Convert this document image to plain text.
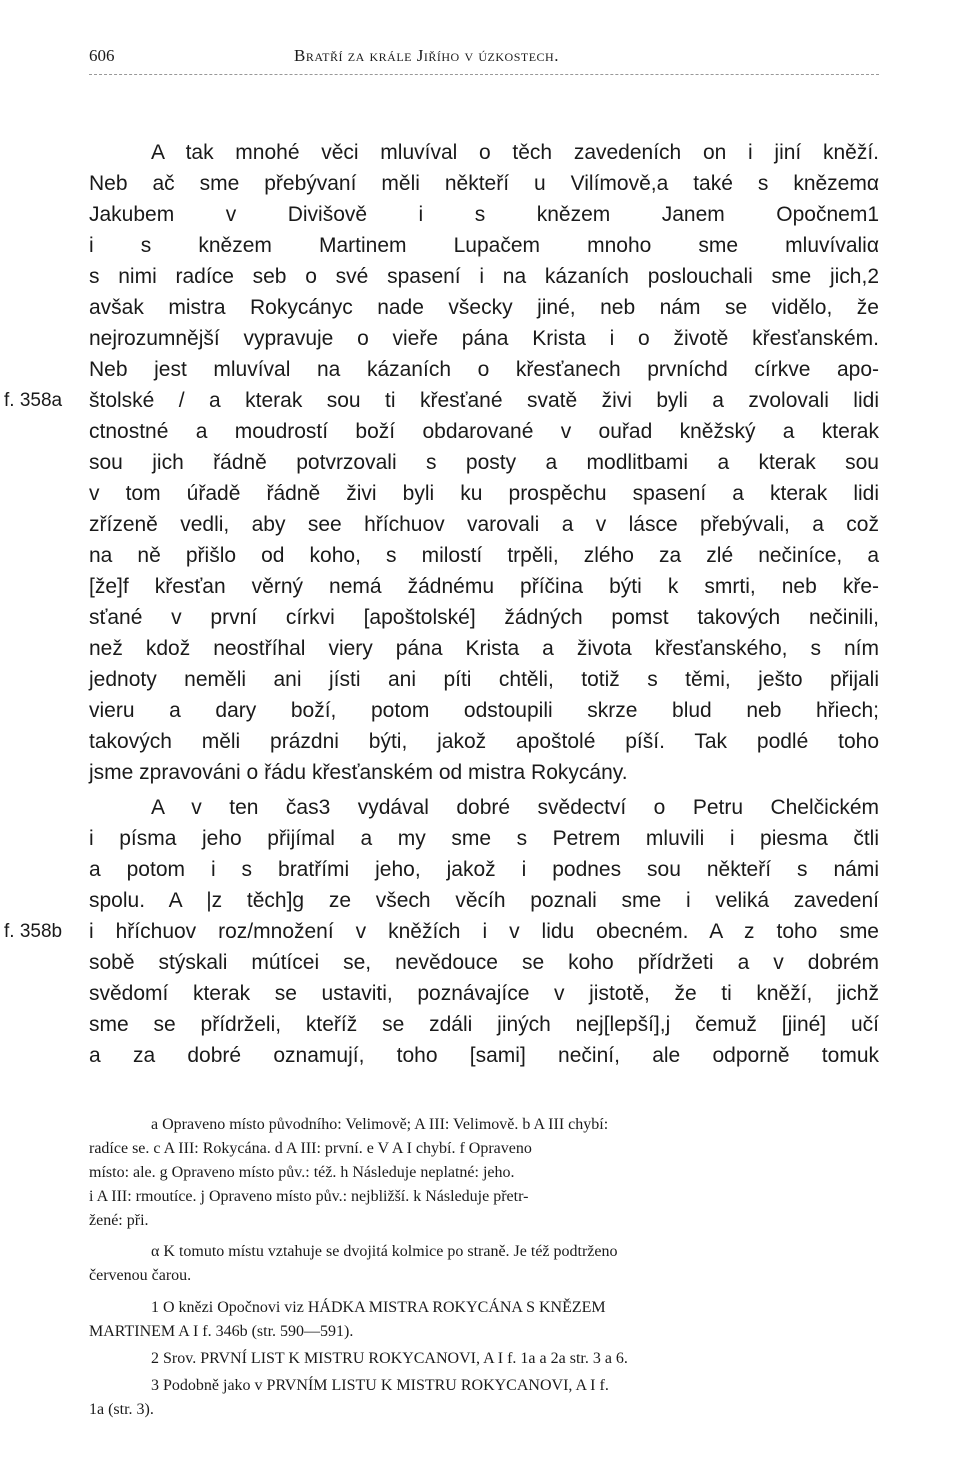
606	Bratří za krále Jiřího v úzkostech.
A tak mnohé věci mluvíval o těch zavedeních on i jiní kněží.
Neb ač sme přebývaní měli někteří u Vilímově,a také s knězemα
Jakubem v Divišově i s knězem Janem Opočnem1
i s knězem Martinem Lupačem mnoho sme mluvívaliα
s nimi radíce seb o své spasení i na kázaních poslouchali sme jich,2
avšak mistra Rokycányc nade všecky jiné, neb nám se vidělo, že
nejrozumnější vypravuje o vieře pána Krista i o životě křesťanském.
Neb jest mluvíval na kázaních o křesťanech prvníchd církve apo-
f. 358a štolské / a kterak sou ti křesťané svatě živi byli a zvolovali lidi
ctnostné a moudrostí boží obdarované v ouřad kněžský a kterak
sou jich řádně potvrzovali s posty a modlitbami a kterak sou
v tom úřadě řádně živi byli ku prospěchu spasení a kterak lidi
zřízeně vedli, aby see hříchuov varovali a v lásce přebývali, a což
na ně přišlo od koho, s milostí trpěli, zlého za zlé nečiníce, a
[že]f křesťan věrný nemá žádnému příčina býti k smrti, neb kře-
sťané v první církvi [apoštolské] žádných pomst takových nečinili,
než kdož neostříhal viery pána Krista a života křesťanského, s ním
jednoty neměli ani jísti ani píti chtěli, totiž s těmi, ješto přijali
vieru a dary boží, potom odstoupili skrze blud neb hřiech;
takových měli prázdni býti, jakož apoštolé píší. Tak podlé toho
jsme zpravováni o řádu křesťanském od mistra Rokycány.
A v ten čas3 vydával dobré svědectví o Petru Chelčickém
i písma jeho přijímal a my sme s Petrem mluvili i piesma čtli
a potom i s bratřími jeho, jakož i podnes sou někteří s námi
spolu. A |z těch]g ze všech věcíh poznali sme i veliká zavedení
f. 358b i hříchuov roz/množení v kněžích i v lidu obecném. A z toho sme
sobě stýskali mútícei se, nevědouce se koho přídržeti a v dobrém
svědomí kterak se ustaviti, poznávajíce v jistotě, že ti kněží, jichž
sme se přídrželi, kteříž se zdáli jiných nej[lepší],j čemuž [jiné] učí
a za dobré oznamují, toho [sami] nečiní, ale odporně tomuk
a Opraveno místo původního: Velimově; A III: Velimově. b A III chybí:
radíce se. c A III: Rokycána. d A III: první. e V A I chybí. f Opraveno
místo: ale. g Opraveno místo pův.: též. h Následuje neplatné: jeho.
i A III: rmoutíce. j Opraveno místo pův.: nejbližší. k Následuje přetr-
žené: při.
α K tomuto místu vztahuje se dvojitá kolmice po straně. Je též podtrženo
červenou čarou.
1 O knězi Opočnovi viz HÁDKA MISTRA ROKYCÁNA S KNĚZEM
MARTINEM A I f. 346b (str. 590—591).
2 Srov. PRVNÍ LIST K MISTRU ROKYCANOVI, A I f. 1a a 2a str. 3 a 6.
3 Podobně jako v PRVNÍM LISTU K MISTRU ROKYCANOVI, A I f.
1a (str. 3).
